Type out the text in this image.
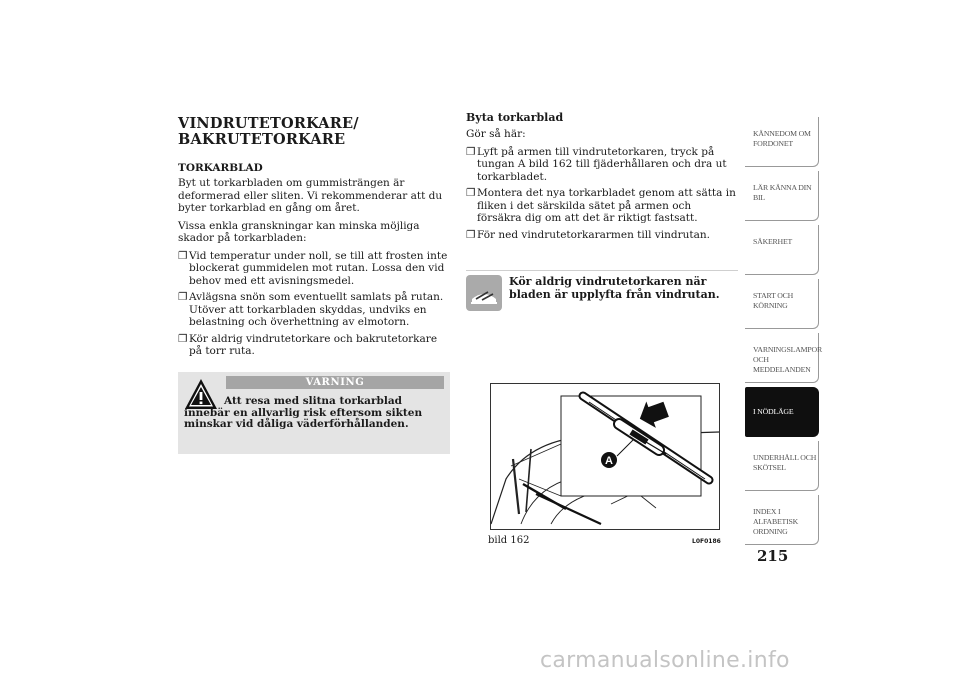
VINDRUTETORKARE/
BAKRUTETORKARE
TORKARBLAD

Byt ut torkarbladen om gummisträngen är deformerad eller sliten. Vi rekommenderar att du byter torkarblad en gång om året.

Vissa enkla granskningar kan minska möjliga skador på torkarbladen:

❐ Vid temperatur under noll, se till att frosten inte blockerat gummidelen mot rutan. Lossa den vid behov med ett avisningsmedel.
❐ Avlägsna snön som eventuellt samlats på rutan. Utöver att torkarbladen skyddas, undviks en belastning och överhettning av elmotorn.
❐ Kör aldrig vindrutetorkare och bakrutetorkare på torr ruta.
VARNING
Att resa med slitna torkarblad innebär en allvarlig risk eftersom sikten minskar vid dåliga väderförhållanden.
Byta torkarblad

Gör så här:

❐ Lyft på armen till vindrutetorkaren, tryck på tungan A bild 162 till fjäderhållaren och dra ut torkarbladet.
❐ Montera det nya torkarbladet genom att sätta in fliken i det särskilda sätet på armen och försäkra dig om att det är riktigt fastsatt.
❐ För ned vindrutetorkararmen till vindrutan.
Kör aldrig vindrutetorkaren när bladen är upplyfta från vindrutan.
A
bild 162	L0F0186
KÄNNEDOM OM FORDONET
LÄR KÄNNA DIN BIL
SÄKERHET
START OCH KÖRNING
VARNINGSLAMPOR OCH MEDDELANDEN
I NÖDLÄGE
UNDERHÅLL OCH SKÖTSEL
INDEX I ALFABETISK ORDNING
215
carmanualsonline.info
